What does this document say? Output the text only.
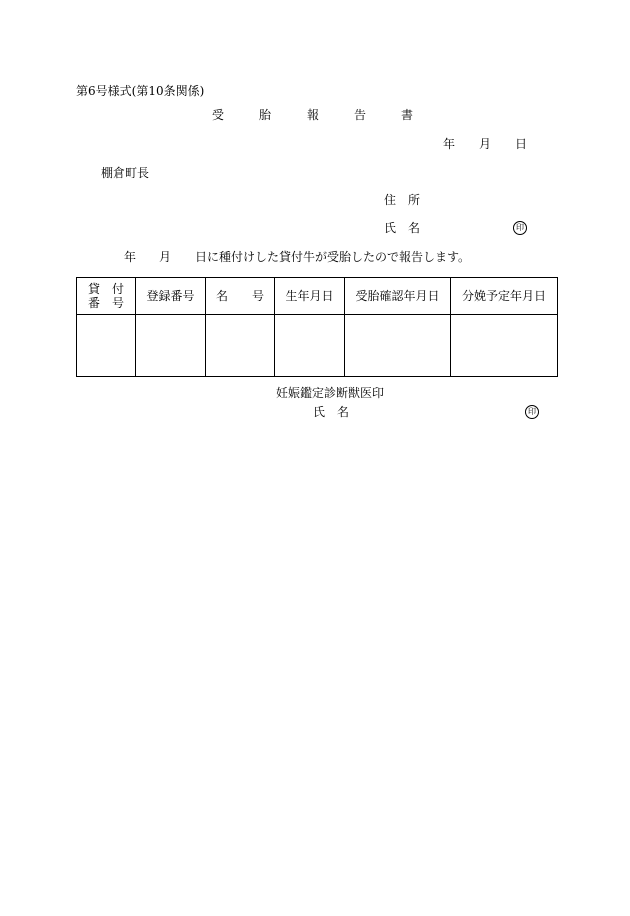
第6号様式(第10条関係)
受	胎	報	告	書
年 月 日
棚倉町長
住　所
氏　名	印
年 月 日に種付けした貸付牛が受胎したので報告します。
貸　付
番　号	登録番号	名　　号	生年月日	受胎確認年月日	分娩予定年月日

妊娠鑑定診断獣医印
氏　名	印
